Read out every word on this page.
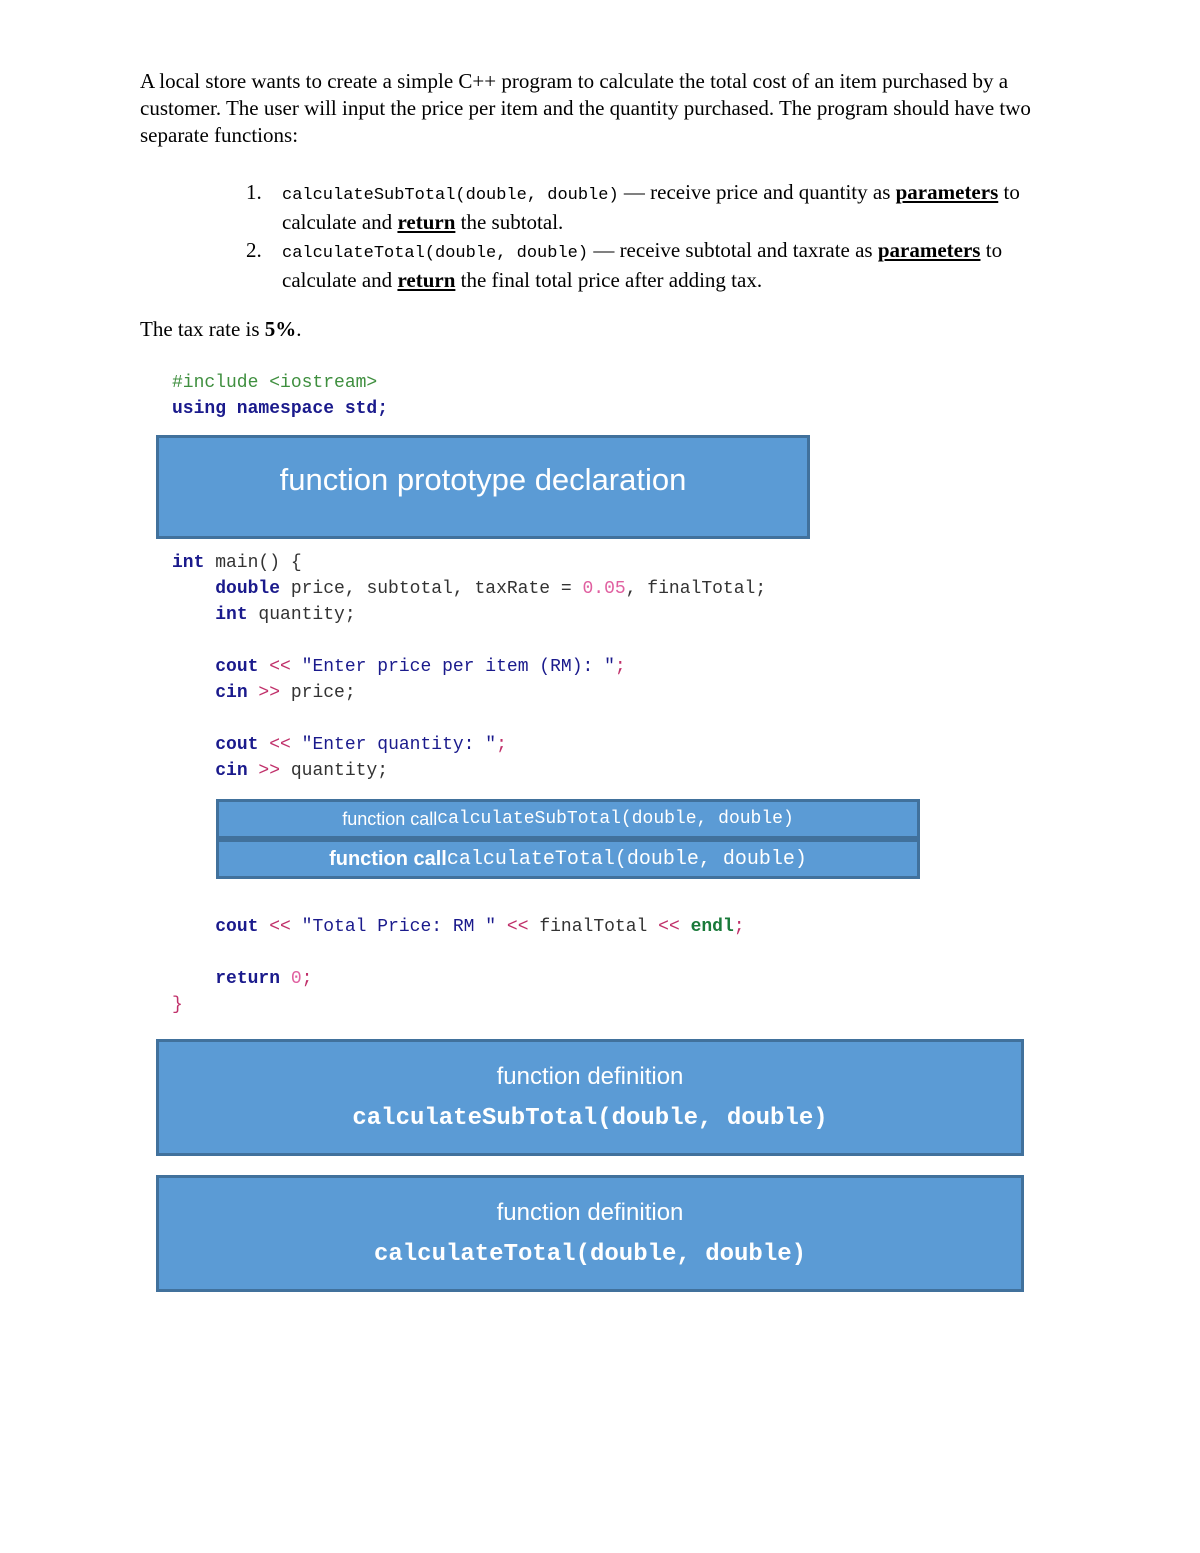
A local store wants to create a simple C++ program to calculate the total cost of an item purchased by a customer. The user will input the price per item and the quantity purchased. The program should have two separate functions:
1.	calculateSubTotal(double, double) — receive price and quantity as parameters to calculate and return the subtotal.
2.	calculateTotal(double, double) — receive subtotal and taxrate as parameters to calculate and return the final total price after adding tax.
The tax rate is 5%.
#include <iostream>
using namespace std;
function prototype declaration
int main() {
double price, subtotal, taxRate = 0.05, finalTotal;
int quantity;

cout << "Enter price per item (RM): ";
cin >> price;

cout << "Enter quantity: ";
cin >> quantity;
function call calculateSubTotal(double, double)
function call calculateTotal(double, double)
cout << "Total Price: RM " << finalTotal << endl;

return 0;
}
function definition
calculateSubTotal(double, double)
function definition
calculateTotal(double, double)
